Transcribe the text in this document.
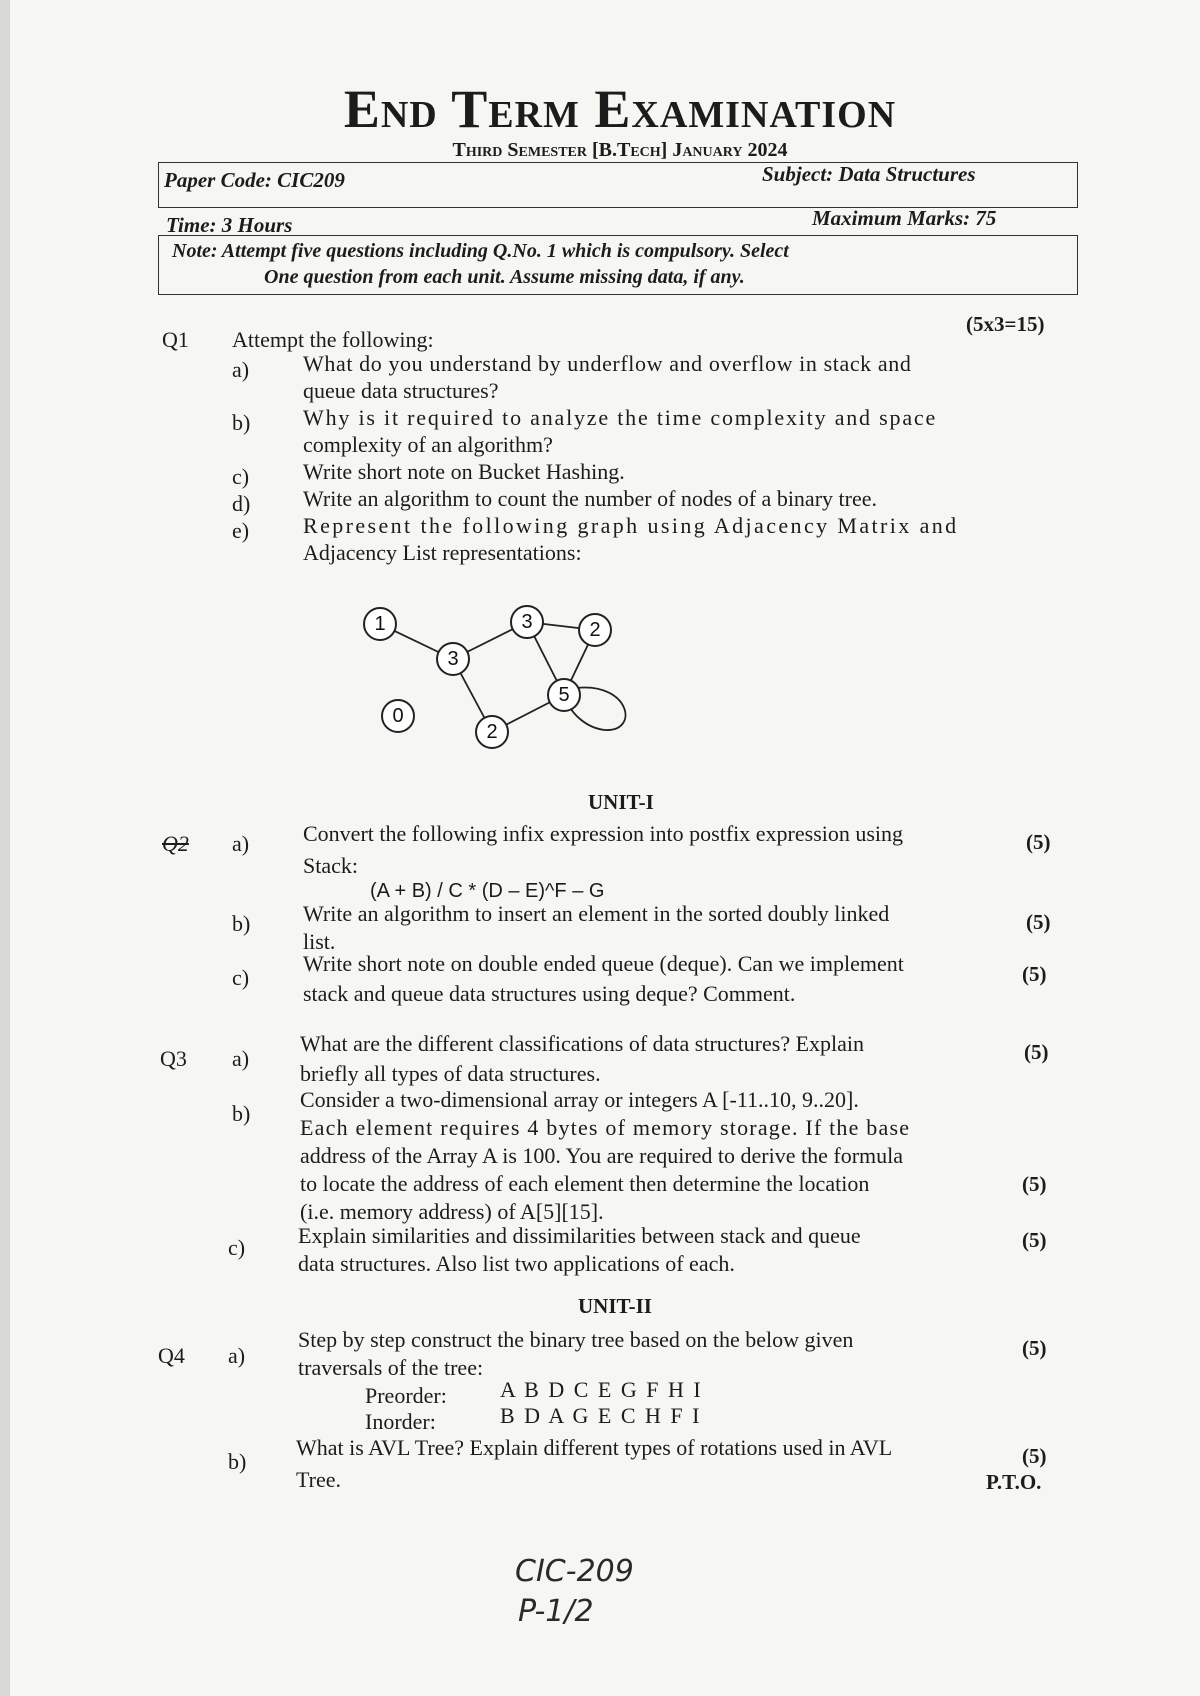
End Term Examination
Third Semester [B.Tech] January 2024
Paper Code: CIC209	Subject: Data Structures
Time: 3 Hours	Maximum Marks: 75
Note: Attempt five questions including Q.No. 1 which is compulsory. Select
One question from each unit. Assume missing data, if any.
Q1 Attempt the following:
(5x3=15)
a) What do you understand by underflow and overflow in stack and
queue data structures?
b) Why is it required to analyze the time complexity and space
complexity of an algorithm?
c) Write short note on Bucket Hashing.
d) Write an algorithm to count the number of nodes of a binary tree.
e) Represent the following graph using Adjacency Matrix and
Adjacency List representations:
1
3
3	2
5
0
2
UNIT-I
Q2 a) Convert the following infix expression into postfix expression using	(5)
Stack:
(A + B) / C * (D – E)^F – G
b) Write an algorithm to insert an element in the sorted doubly linked	(5)
list.
c)
Write short note on double ended queue (deque). Can we implement
stack and queue data structures using deque? Comment.
(5)
Q3 a)
What are the different classifications of data structures? Explain	(5)
briefly all types of data structures.
b)
Consider a two-dimensional array or integers A [-11..10, 9..20].
Each element requires 4 bytes of memory storage. If the base
address of the Array A is 100. You are required to derive the formula
to locate the address of each element then determine the location
(i.e. memory address) of A[5][15].
(5)
c) Explain similarities and dissimilarities between stack and queue
data structures. Also list two applications of each.
(5)
UNIT-II
Q4 a)
Step by step construct the binary tree based on the below given	(5)
traversals of the tree:
Preorder: A B D C E G F H I
Inorder:	B D A G E C H F I
b)
What is AVL Tree? Explain different types of rotations used in AVL	(5)
Tree.	P.T.O.
CIC-209
P-1/2
